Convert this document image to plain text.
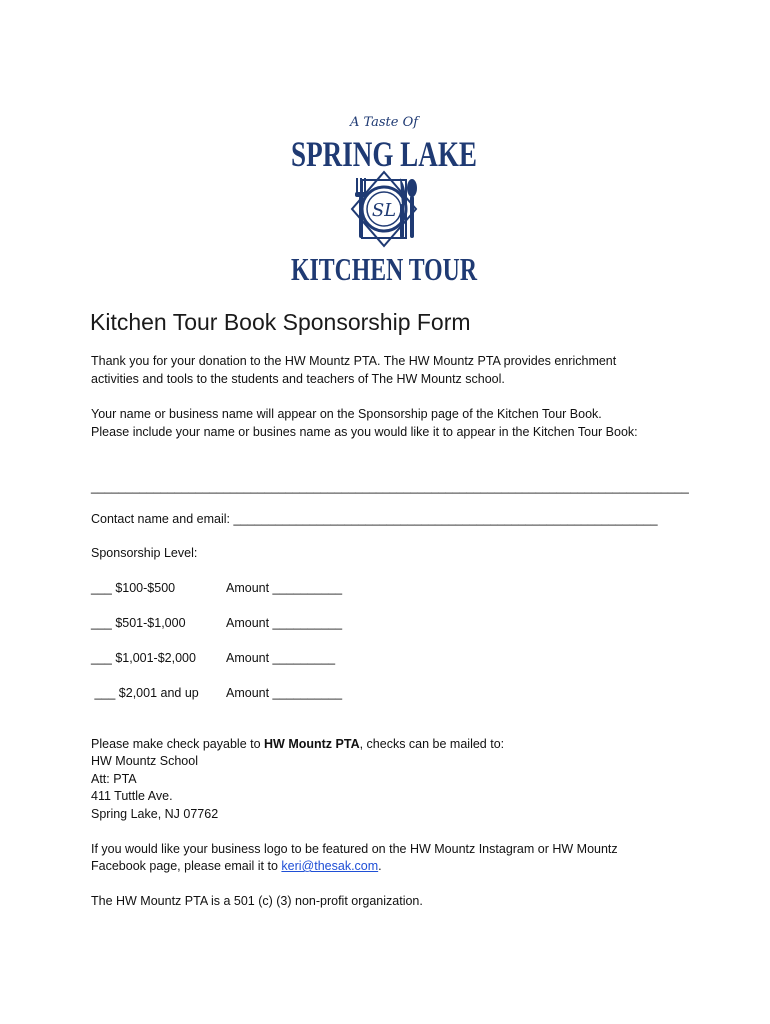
A Taste Of
SPRING LAKE
KITCHEN TOUR
SL
Kitchen Tour Book Sponsorship Form
Thank you for your donation to the HW Mountz PTA. The HW Mountz PTA provides enrichment
activities and tools to the students and teachers of The HW Mountz school.
Your name or business name will appear on the Sponsorship page of the Kitchen Tour Book.
Please include your name or busines name as you would like it to appear in the Kitchen Tour Book:
______________________________________________________________________________________
Contact name and email: _____________________________________________________________
Sponsorship Level:
___ $100-$500	Amount __________
___ $501-$1,000	Amount __________
___ $1,001-$2,000 Amount _________
___ $2,001 and up Amount __________
Please make check payable to HW Mountz PTA, checks can be mailed to:
HW Mountz School
Att: PTA
411 Tuttle Ave.
Spring Lake, NJ 07762
If you would like your business logo to be featured on the HW Mountz Instagram or HW Mountz
Facebook page, please email it to keri@thesak.com.
The HW Mountz PTA is a 501 (c) (3) non-profit organization.
